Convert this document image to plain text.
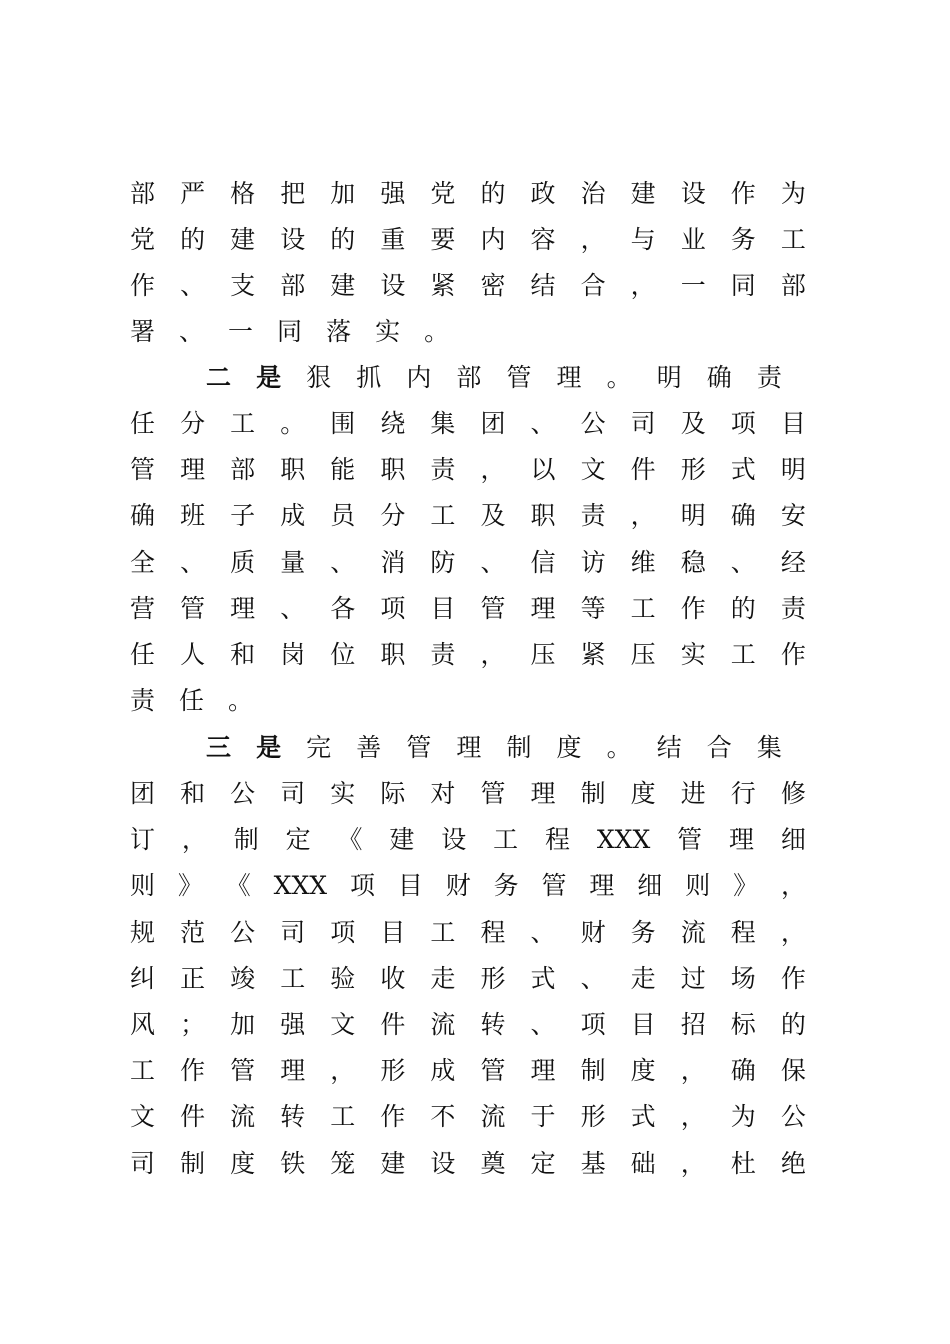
部 严 格 把 加 强 党 的 政 治 建 设 作 为
党 的 建 设 的 重 要 内 容 ， 与 业 务 工
作 、 支 部 建 设 紧 密 结 合 ， 一 同 部
署 、 一 同 落 实 。
二 是 狠 抓 内 部 管 理 。 明 确 责
任 分 工 。 围 绕 集 团 、 公 司 及 项 目
管 理 部 职 能 职 责 ， 以 文 件 形 式 明
确 班 子 成 员 分 工 及 职 责 ， 明 确 安
全 、 质 量 、 消 防 、 信 访 维 稳 、 经
营 管 理 、 各 项 目 管 理 等 工 作 的 责
任 人 和 岗 位 职 责 ， 压 紧 压 实 工 作
责 任 。
三 是 完 善 管 理 制 度 。 结 合 集
团 和 公 司 实 际 对 管 理 制 度 进 行 修
订 ， 制 定 《 建 设 工 程 XXX 管 理 细
则 》 《 XXX 项 目 财 务 管 理 细 则 》 ，
规 范 公 司 项 目 工 程 、 财 务 流 程 ，
纠 正 竣 工 验 收 走 形 式 、 走 过 场 作
风 ； 加 强 文 件 流 转 、 项 目 招 标 的
工 作 管 理 ， 形 成 管 理 制 度 ， 确 保
文 件 流 转 工 作 不 流 于 形 式 ， 为 公
司 制 度 铁 笼 建 设 奠 定 基 础 ， 杜 绝
